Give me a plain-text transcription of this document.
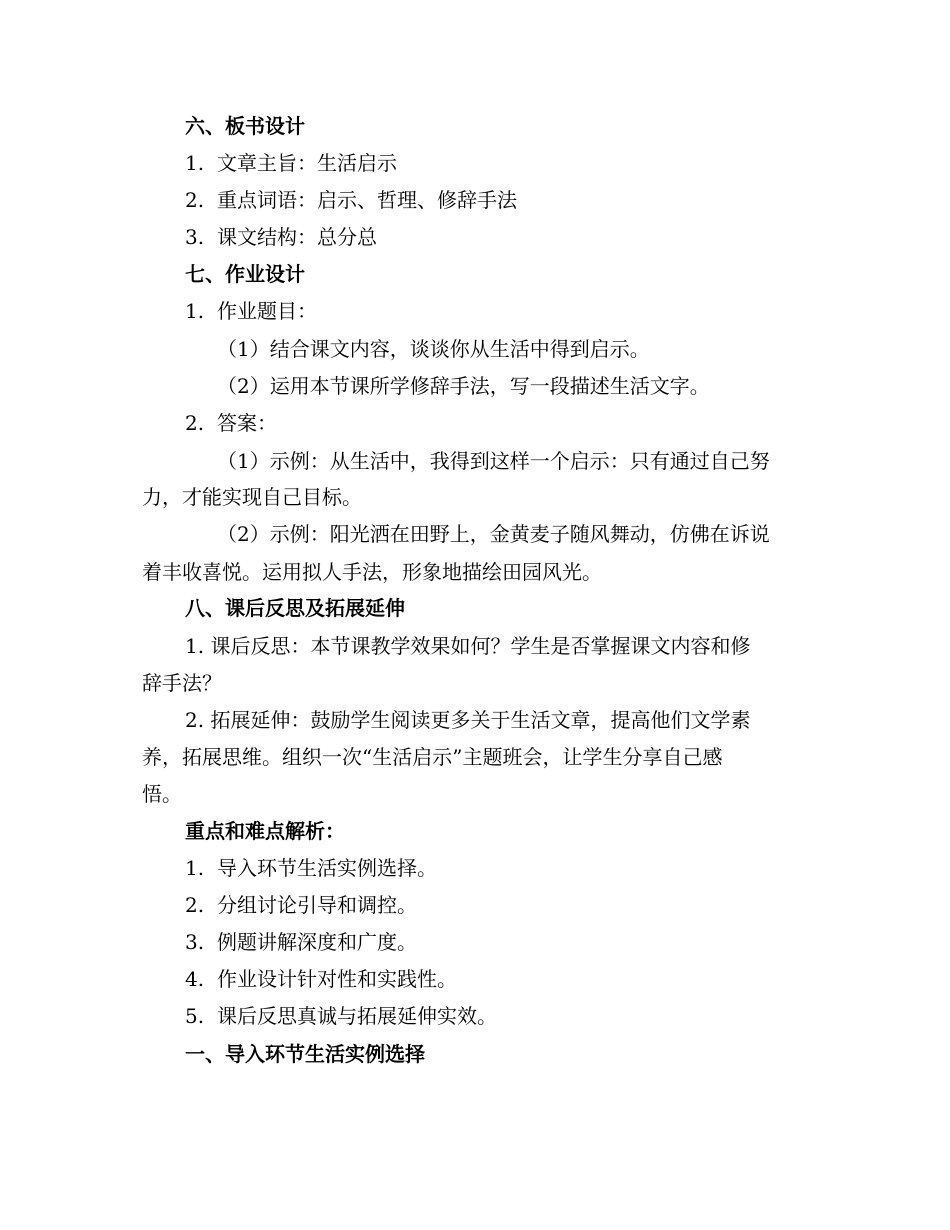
六、板书设计
1. 文章主旨：生活启示
2. 重点词语：启示、哲理、修辞手法
3. 课文结构：总分总
七、作业设计
1. 作业题目：
（1）结合课文内容，谈谈你从生活中得到启示。
（2）运用本节课所学修辞手法，写一段描述生活文字。
2. 答案：
（1）示例：从生活中，我得到这样一个启示：只有通过自己努
力，才能实现自己目标。
（2）示例：阳光洒在田野上，金黄麦子随风舞动，仿佛在诉说
着丰收喜悦。运用拟人手法，形象地描绘田园风光。
八、课后反思及拓展延伸
1. 课后反思：本节课教学效果如何？学生是否掌握课文内容和修
辞手法？
2. 拓展延伸：鼓励学生阅读更多关于生活文章，提高他们文学素
养，拓展思维。组织一次“生活启示”主题班会，让学生分享自己感
悟。
重点和难点解析：
1. 导入环节生活实例选择。
2. 分组讨论引导和调控。
3. 例题讲解深度和广度。
4. 作业设计针对性和实践性。
5. 课后反思真诚与拓展延伸实效。
一、导入环节生活实例选择
